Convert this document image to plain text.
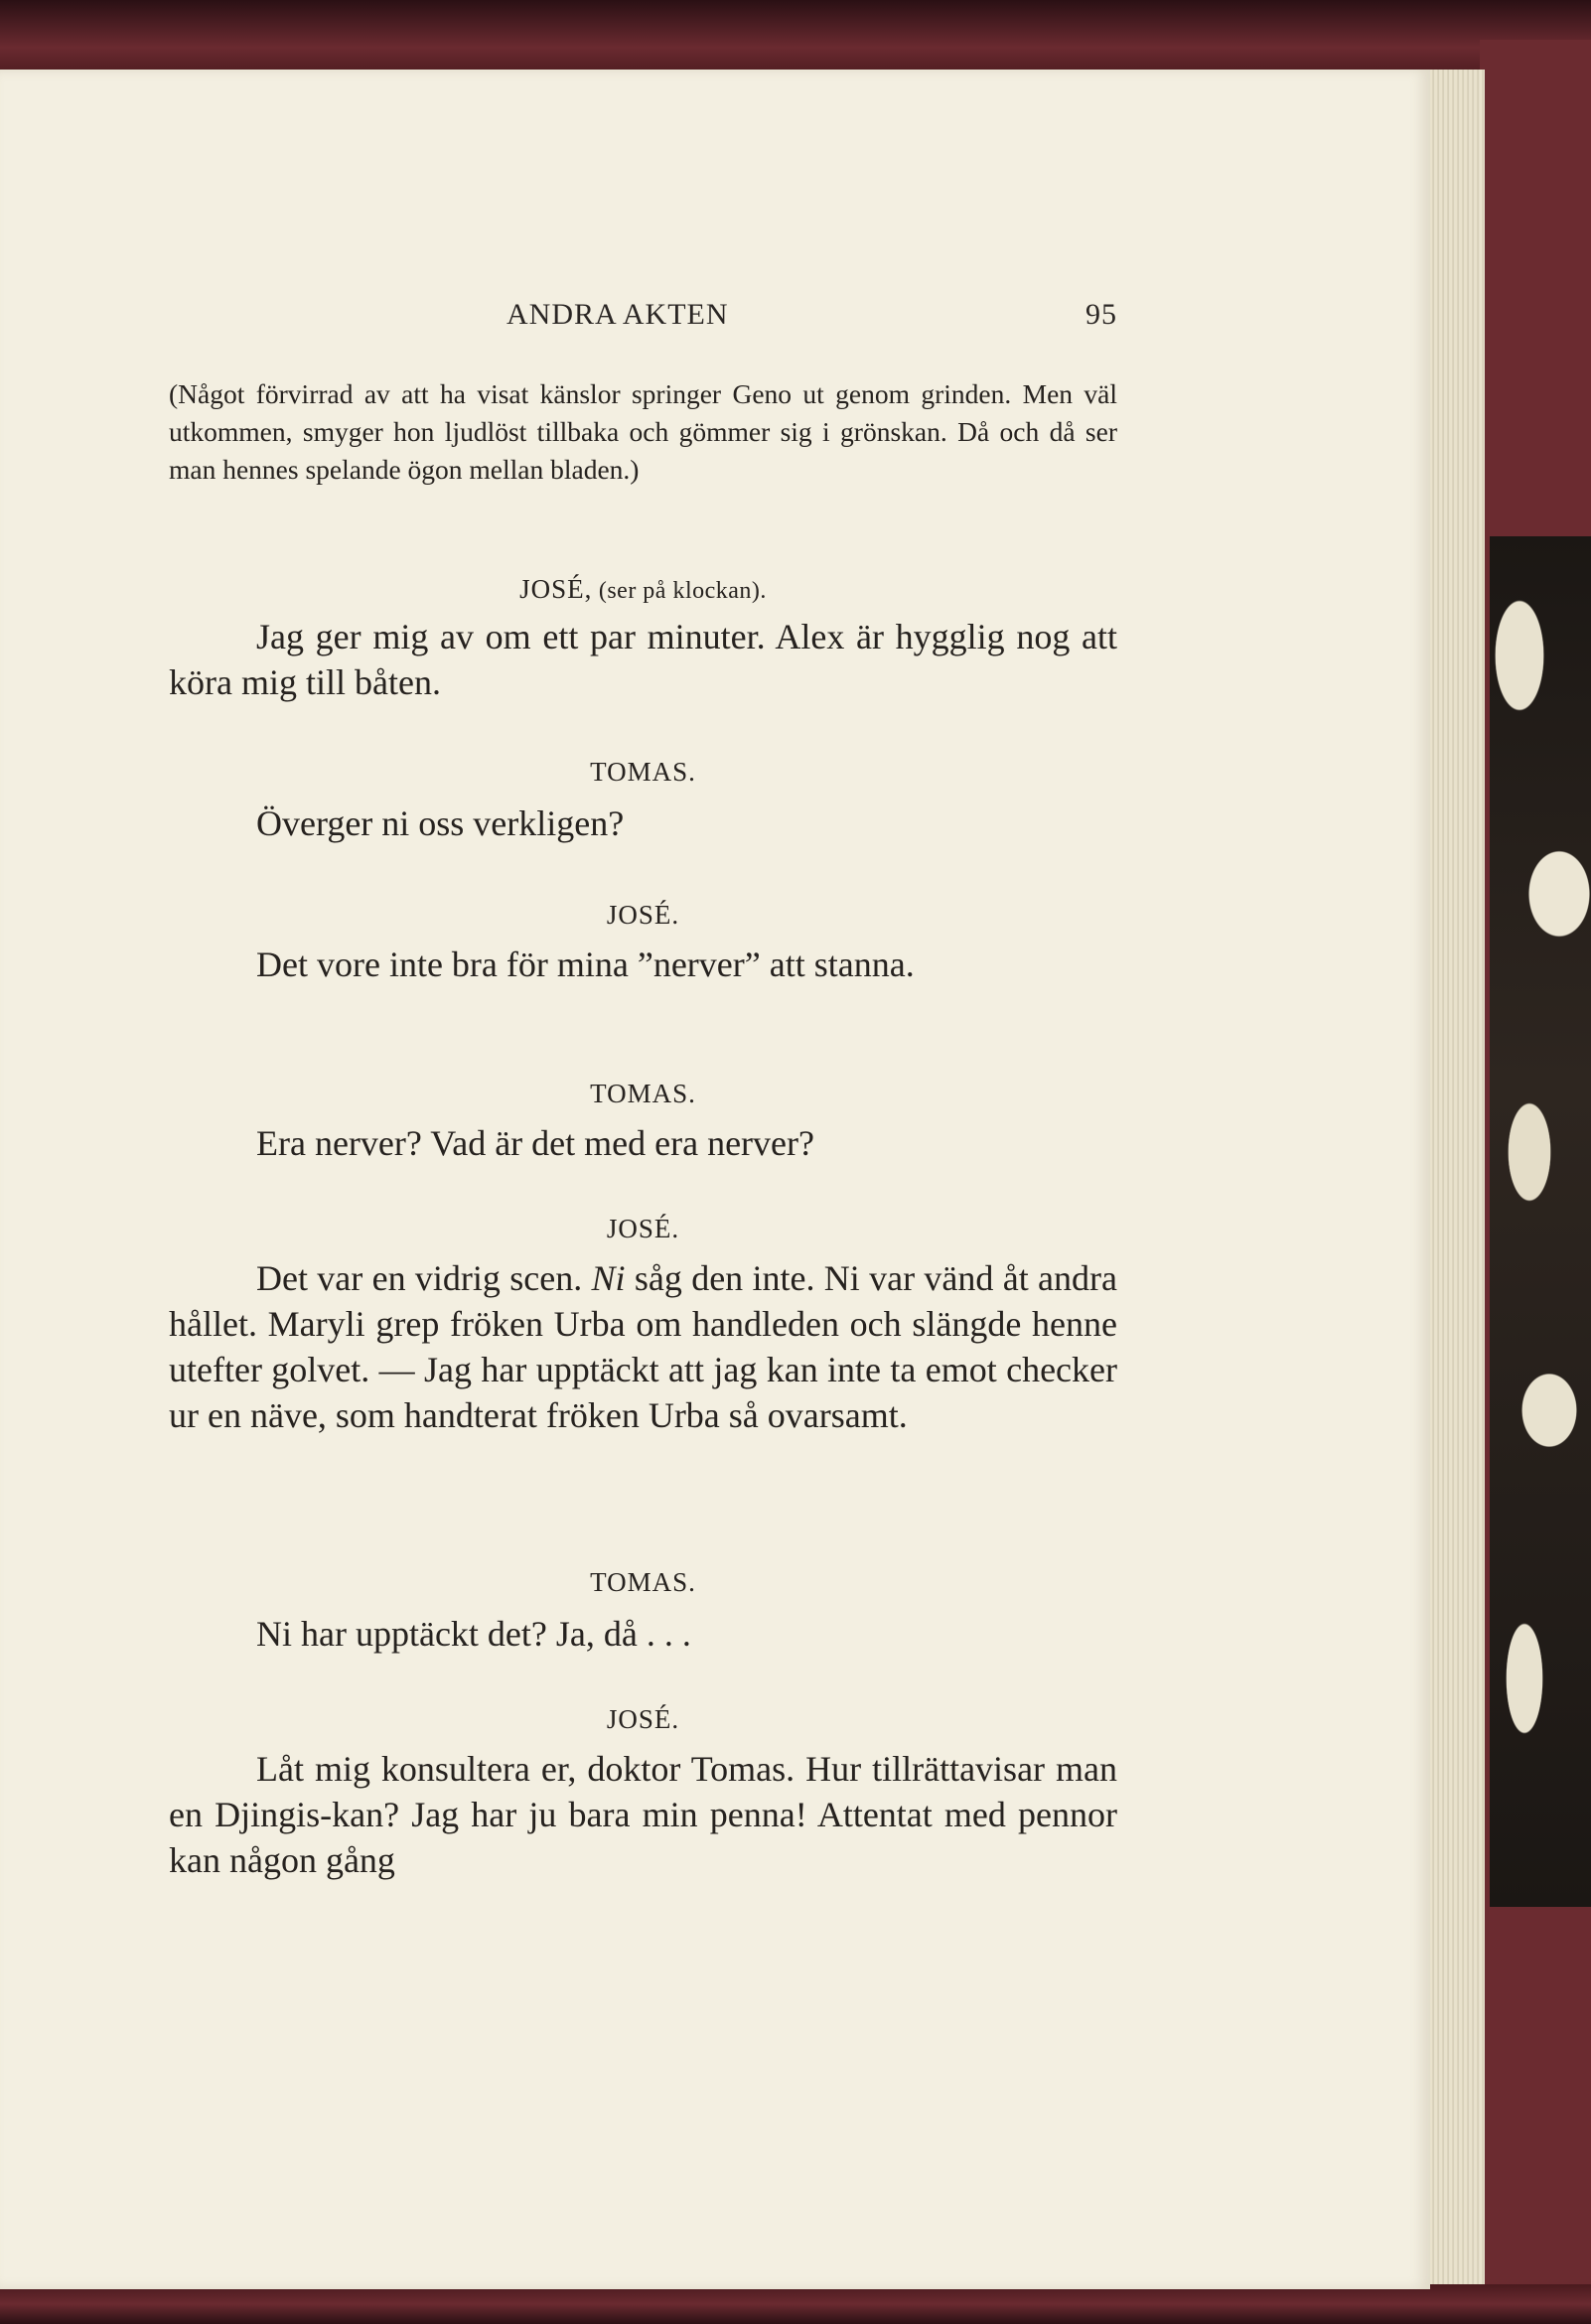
ANDRA AKTEN	95
(Något förvirrad av att ha visat känslor springer Geno ut genom grinden. Men väl utkommen, smyger hon ljudlöst tillbaka och gömmer sig i grönskan. Då och då ser man hennes spelande ögon mellan bladen.)
JOSÉ, (ser på klockan).
Jag ger mig av om ett par minuter. Alex är hygglig nog att köra mig till båten.
TOMAS.
Överger ni oss verkligen?
JOSÉ.
Det vore inte bra för mina ”nerver” att stanna.
TOMAS.
Era nerver? Vad är det med era nerver?
JOSÉ.
Det var en vidrig scen. Ni såg den inte. Ni var vänd åt andra hållet. Maryli grep fröken Urba om handleden och slängde henne utefter golvet. — Jag har upptäckt att jag kan inte ta emot checker ur en näve, som handterat fröken Urba så ovarsamt.
TOMAS.
Ni har upptäckt det? Ja, då . . .
JOSÉ.
Låt mig konsultera er, doktor Tomas. Hur tillrättavisar man en Djingis-kan? Jag har ju bara min penna! Attentat med pennor kan någon gång
